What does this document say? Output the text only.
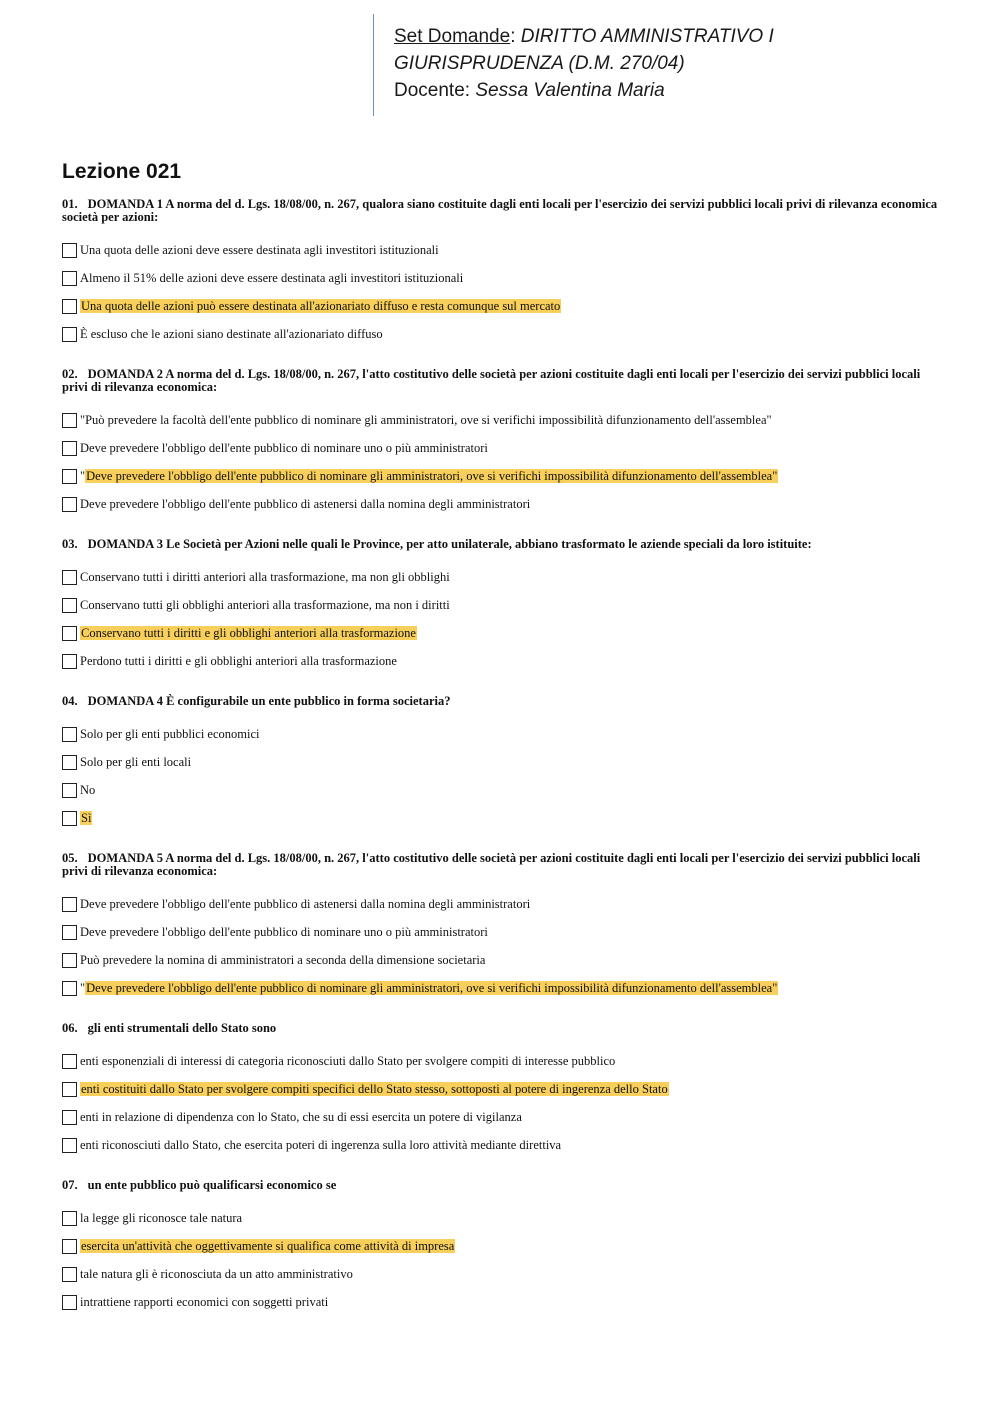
Set Domande: DIRITTO AMMINISTRATIVO I
GIURISPRUDENZA (D.M. 270/04)
Docente: Sessa Valentina Maria
Lezione 021
01. DOMANDA 1 A norma del d. Lgs. 18/08/00, n. 267, qualora siano costituite dagli enti locali per l'esercizio dei servizi pubblici locali privi di rilevanza economica società per azioni:
Una quota delle azioni deve essere destinata agli investitori istituzionali
Almeno il 51% delle azioni deve essere destinata agli investitori istituzionali
Una quota delle azioni può essere destinata all'azionariato diffuso e resta comunque sul mercato
È escluso che le azioni siano destinate all'azionariato diffuso
02. DOMANDA 2 A norma del d. Lgs. 18/08/00, n. 267, l'atto costitutivo delle società per azioni costituite dagli enti locali per l'esercizio dei servizi pubblici locali privi di rilevanza economica:
"Può prevedere la facoltà dell'ente pubblico di nominare gli amministratori, ove si verifichi impossibilità difunzionamento dell'assemblea"
Deve prevedere l'obbligo dell'ente pubblico di nominare uno o più amministratori
"Deve prevedere l'obbligo dell'ente pubblico di nominare gli amministratori, ove si verifichi impossibilità difunzionamento dell'assemblea"
Deve prevedere l'obbligo dell'ente pubblico di astenersi dalla nomina degli amministratori
03. DOMANDA 3 Le Società per Azioni nelle quali le Province, per atto unilaterale, abbiano trasformato le aziende speciali da loro istituite:
Conservano tutti i diritti anteriori alla trasformazione, ma non gli obblighi
Conservano tutti gli obblighi anteriori alla trasformazione, ma non i diritti
Conservano tutti i diritti e gli obblighi anteriori alla trasformazione
Perdono tutti i diritti e gli obblighi anteriori alla trasformazione
04. DOMANDA 4 È configurabile un ente pubblico in forma societaria?
Solo per gli enti pubblici economici
Solo per gli enti locali
No
Sì
05. DOMANDA 5 A norma del d. Lgs. 18/08/00, n. 267, l'atto costitutivo delle società per azioni costituite dagli enti locali per l'esercizio dei servizi pubblici locali privi di rilevanza economica:
Deve prevedere l'obbligo dell'ente pubblico di astenersi dalla nomina degli amministratori
Deve prevedere l'obbligo dell'ente pubblico di nominare uno o più amministratori
Può prevedere la nomina di amministratori a seconda della dimensione societaria
"Deve prevedere l'obbligo dell'ente pubblico di nominare gli amministratori, ove si verifichi impossibilità difunzionamento dell'assemblea"
06. gli enti strumentali dello Stato sono
enti esponenziali di interessi di categoria riconosciuti dallo Stato per svolgere compiti di interesse pubblico
enti costituiti dallo Stato per svolgere compiti specifici dello Stato stesso, sottoposti al potere di ingerenza dello Stato
enti in relazione di dipendenza con lo Stato, che su di essi esercita un potere di vigilanza
enti riconosciuti dallo Stato, che esercita poteri di ingerenza sulla loro attività mediante direttiva
07. un ente pubblico può qualificarsi economico se
la legge gli riconosce tale natura
esercita un'attività che oggettivamente si qualifica come attività di impresa
tale natura gli è riconosciuta da un atto amministrativo
intrattiene rapporti economici con soggetti privati
